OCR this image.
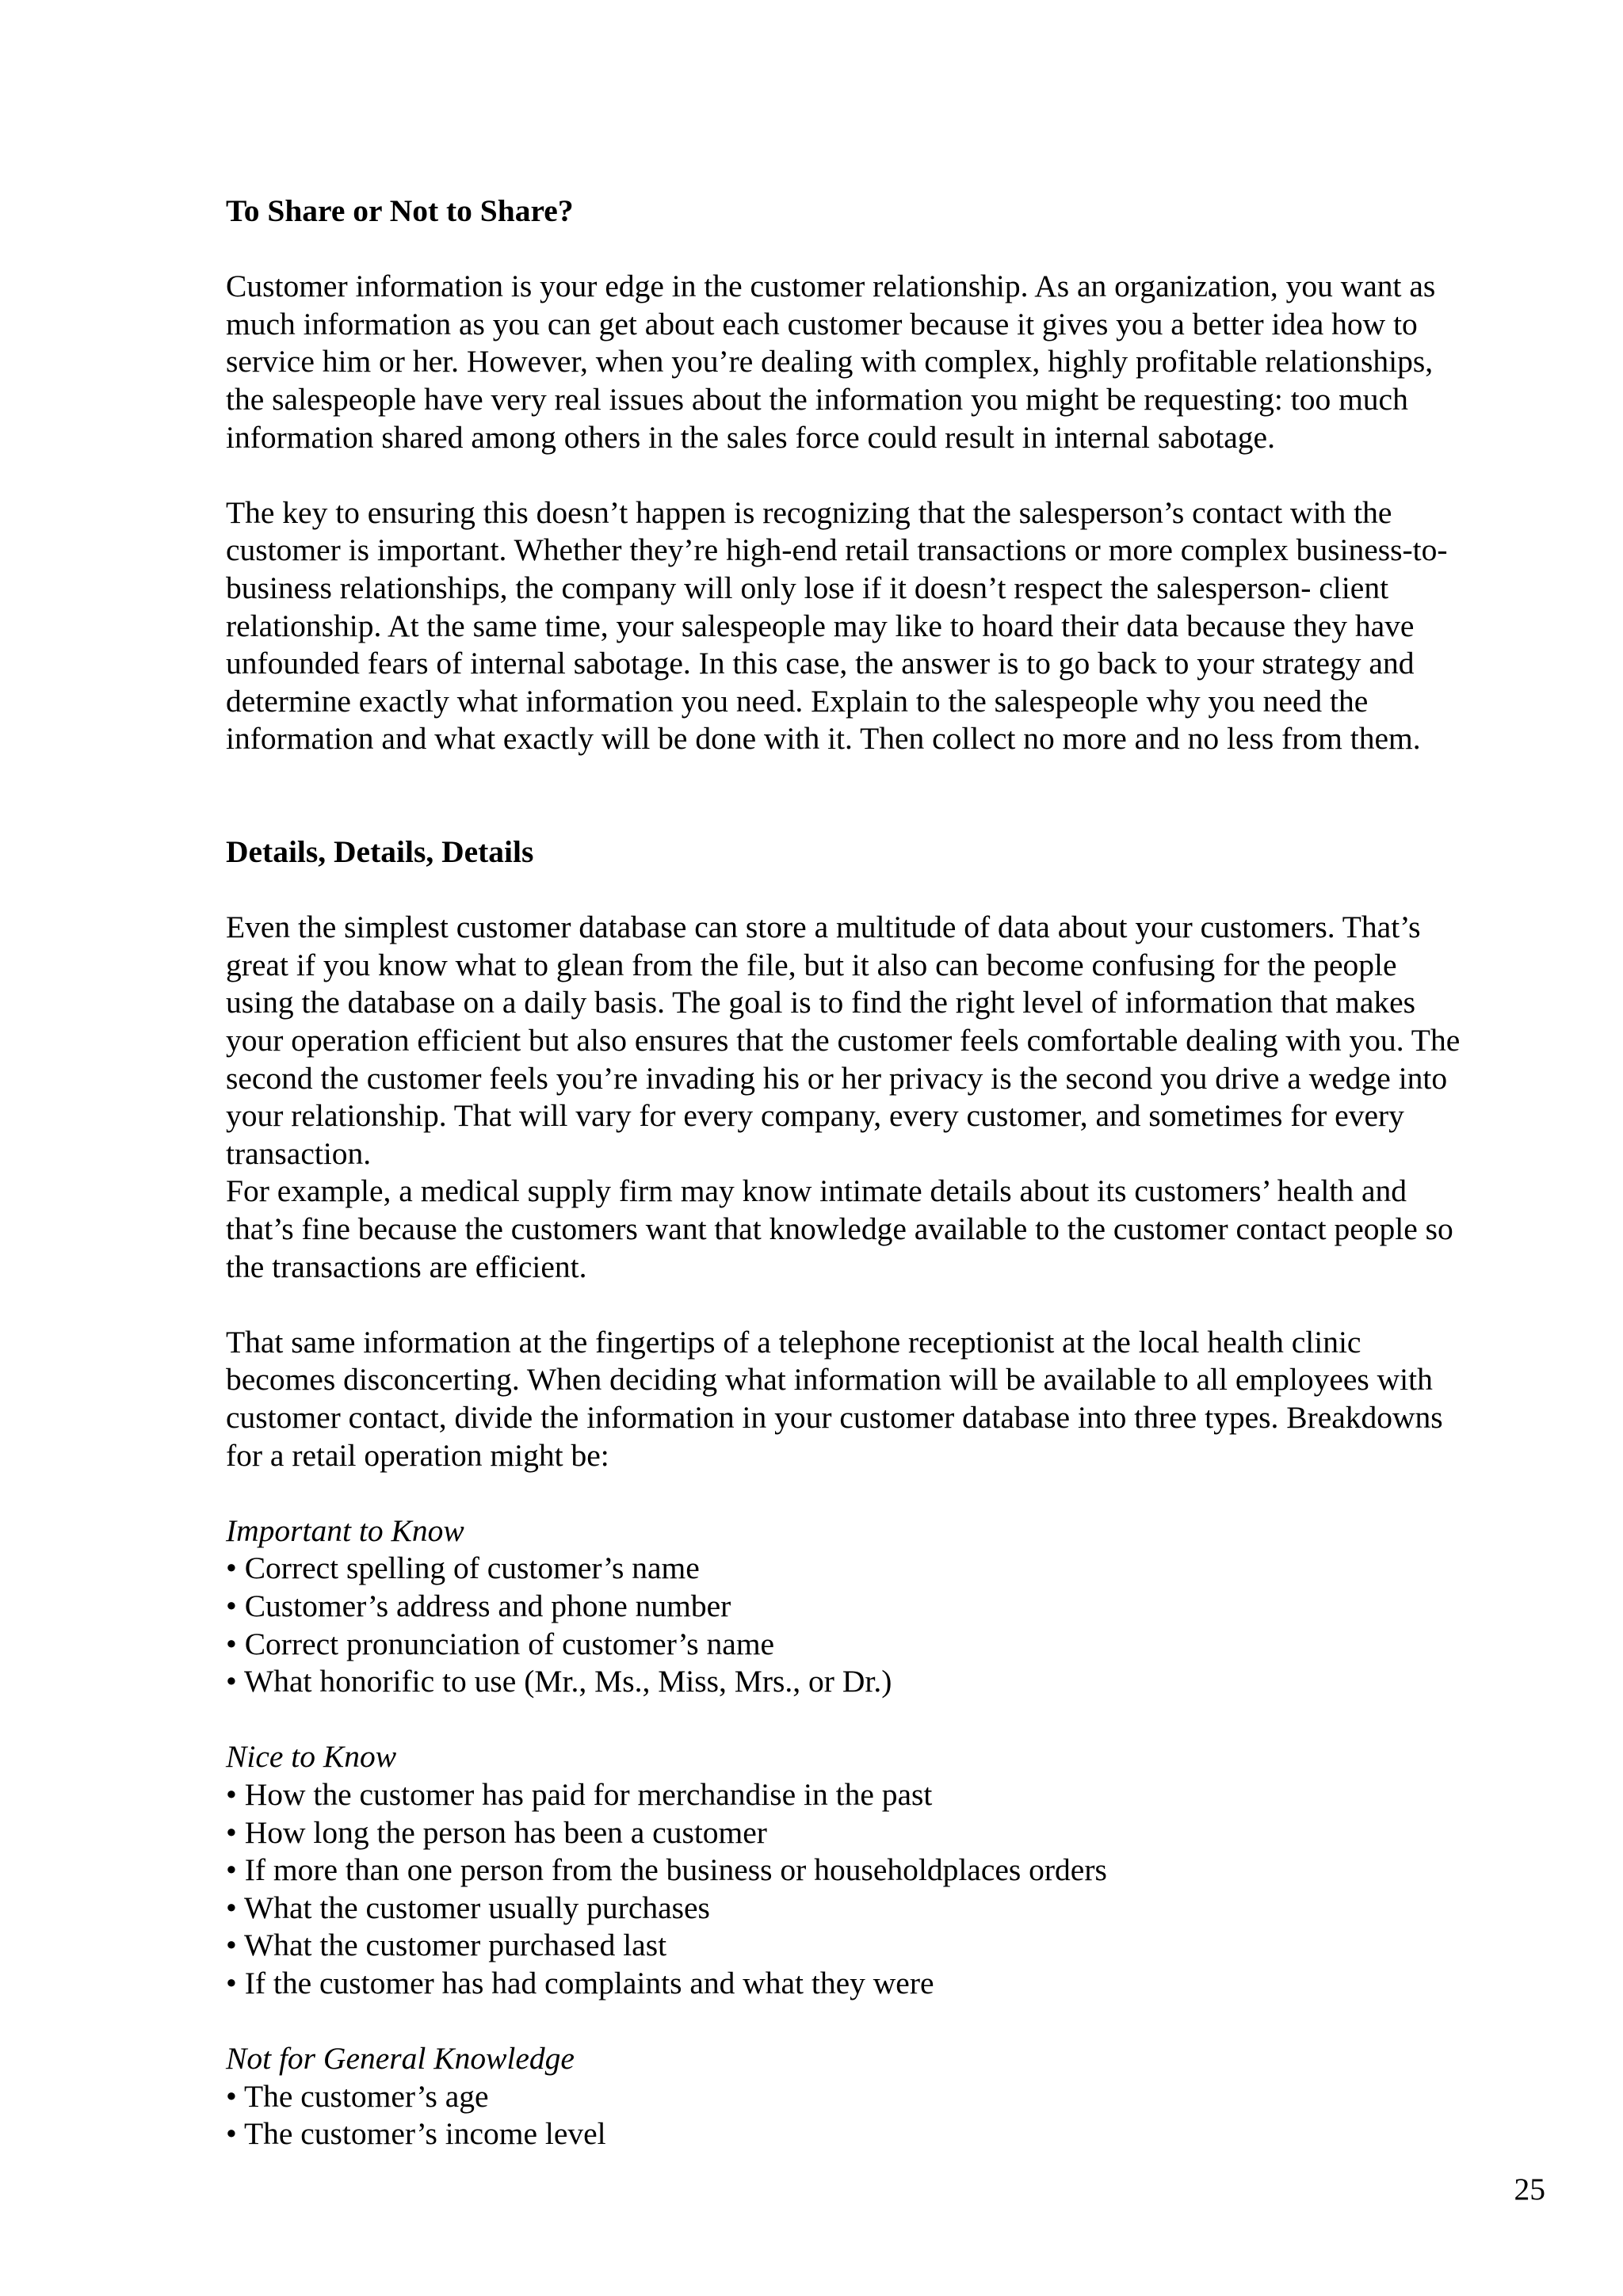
To Share or Not to Share?
Customer information is your edge in the customer relationship. As an organization, you want as
much information as you can get about each customer because it gives you a better idea how to
service him or her. However, when you’re dealing with complex, highly profitable relationships,
the salespeople have very real issues about the information you might be requesting: too much
information shared among others in the sales force could result in internal sabotage.
The key to ensuring this doesn’t happen is recognizing that the salesperson’s contact with the
customer is important. Whether they’re high-end retail transactions or more complex business-to-
business relationships, the company will only lose if it doesn’t respect the salesperson- client
relationship. At the same time, your salespeople may like to hoard their data because they have
unfounded fears of internal sabotage. In this case, the answer is to go back to your strategy and
determine exactly what information you need. Explain to the salespeople why you need the
information and what exactly will be done with it. Then collect no more and no less from them.
Details, Details, Details
Even the simplest customer database can store a multitude of data about your customers. That’s
great if you know what to glean from the file, but it also can become confusing for the people
using the database on a daily basis. The goal is to find the right level of information that makes
your operation efficient but also ensures that the customer feels comfortable dealing with you. The
second the customer feels you’re invading his or her privacy is the second you drive a wedge into
your relationship. That will vary for every company, every customer, and sometimes for every
transaction.
For example, a medical supply firm may know intimate details about its customers’ health and
that’s fine because the customers want that knowledge available to the customer contact people so
the transactions are efficient.
That same information at the fingertips of a telephone receptionist at the local health clinic
becomes disconcerting. When deciding what information will be available to all employees with
customer contact, divide the information in your customer database into three types. Breakdowns
for a retail operation might be:
Important to Know
• Correct spelling of customer’s name
• Customer’s address and phone number
• Correct pronunciation of customer’s name
• What honorific to use (Mr., Ms., Miss, Mrs., or Dr.)
Nice to Know
• How the customer has paid for merchandise in the past
• How long the person has been a customer
• If more than one person from the business or householdplaces orders
• What the customer usually purchases
• What the customer purchased last
• If the customer has had complaints and what they were
Not for General Knowledge
• The customer’s age
• The customer’s income level
25
